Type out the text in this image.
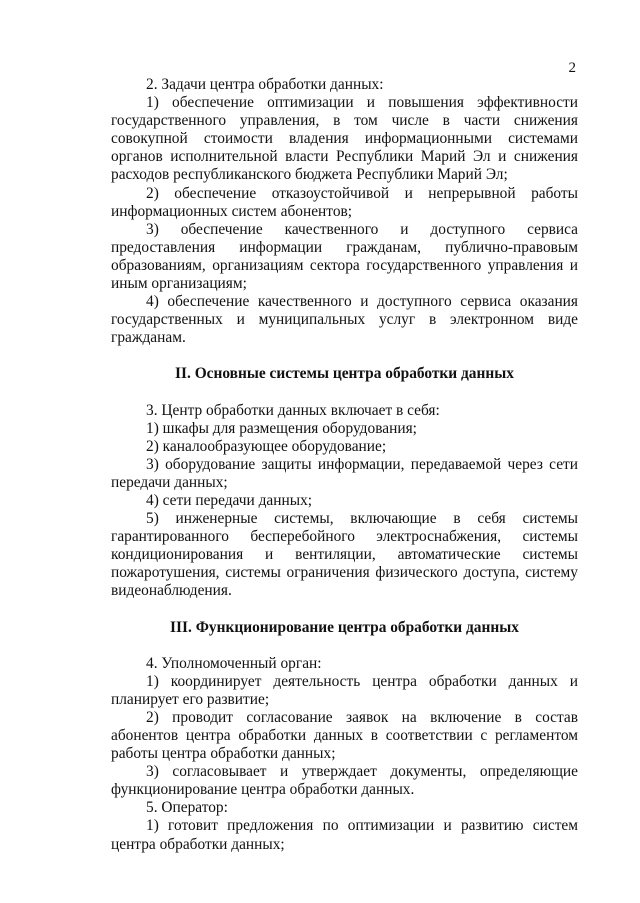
2

2. Задачи центра обработки данных:

1) обеспечение оптимизации и повышения эффективности государственного управления, в том числе в части снижения совокупной стоимости владения информационными системами органов исполнительной власти Республики Марий Эл и снижения расходов республиканского бюджета Республики Марий Эл;

2) обеспечение отказоустойчивой и непрерывной работы информационных систем абонентов;

3) обеспечение качественного и доступного сервиса предоставления информации гражданам, публично-правовым образованиям, организациям сектора государственного управления и иным организациям;

4) обеспечение качественного и доступного сервиса оказания государственных и муниципальных услуг в электронном виде гражданам.

II. Основные системы центра обработки данных

3. Центр обработки данных включает в себя:

1) шкафы для размещения оборудования;

2) каналообразующее оборудование;

3) оборудование защиты информации, передаваемой через сети передачи данных;

4) сети передачи данных;

5) инженерные системы, включающие в себя системы гарантированного бесперебойного электроснабжения, системы кондиционирования и вентиляции, автоматические системы пожаротушения, системы ограничения физического доступа, систему видеонаблюдения.

III. Функционирование центра обработки данных

4. Уполномоченный орган:

1) координирует деятельность центра обработки данных и планирует его развитие;

2) проводит согласование заявок на включение в состав абонентов центра обработки данных в соответствии с регламентом работы центра обработки данных;

3) согласовывает и утверждает документы, определяющие функционирование центра обработки данных.

5. Оператор:

1) готовит предложения по оптимизации и развитию систем центра обработки данных;
